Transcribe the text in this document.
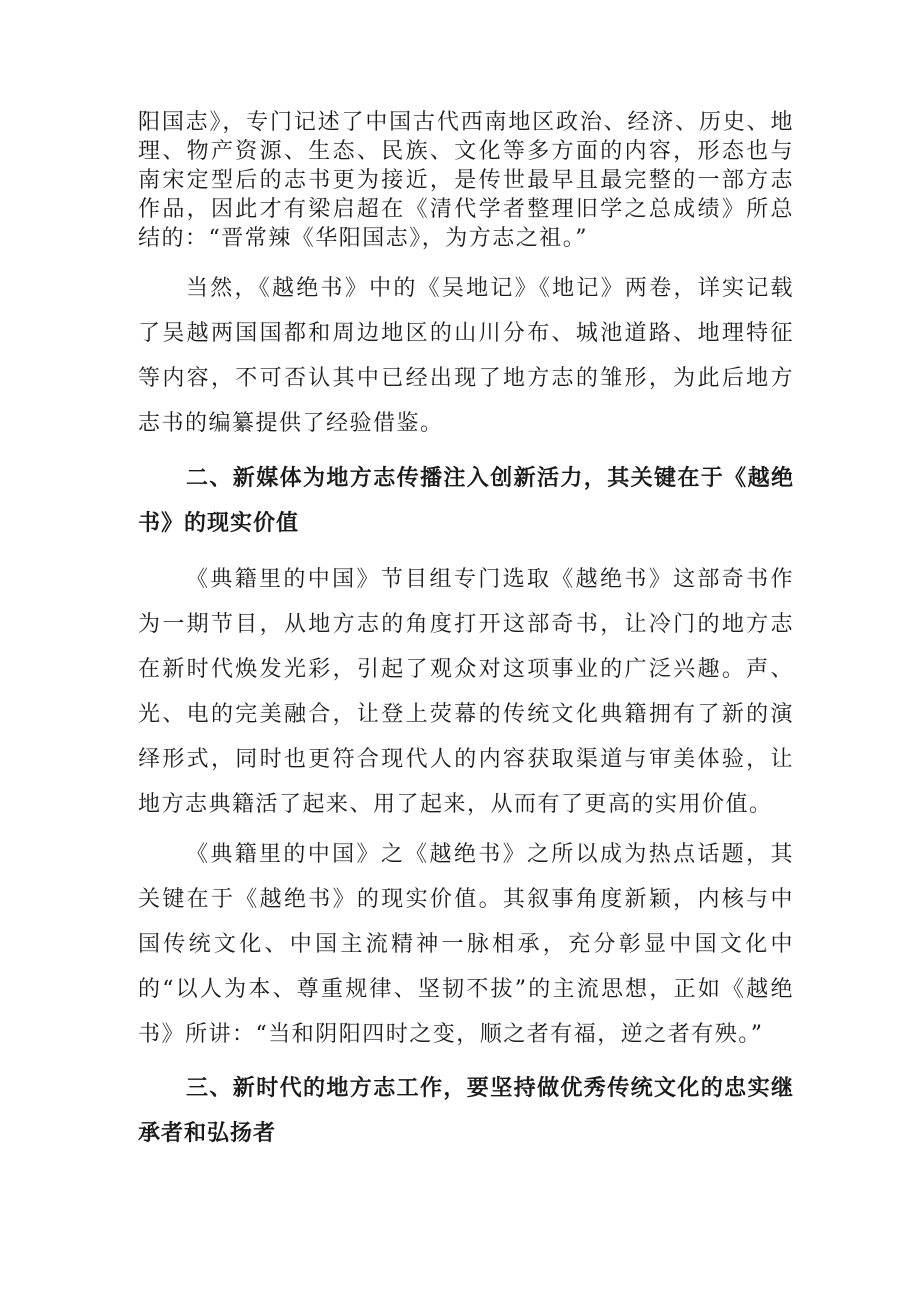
阳国志》，专门记述了中国古代西南地区政治、经济、历史、地理、物产资源、生态、民族、文化等多方面的内容，形态也与南宋定型后的志书更为接近，是传世最早且最完整的一部方志作品，因此才有梁启超在《清代学者整理旧学之总成绩》所总结的：“晋常辣《华阳国志》，为方志之祖。”

当然，《越绝书》中的《吴地记》《地记》两卷，详实记载了吴越两国国都和周边地区的山川分布、城池道路、地理特征等内容，不可否认其中已经出现了地方志的雏形，为此后地方志书的编纂提供了经验借鉴。

二、新媒体为地方志传播注入创新活力，其关键在于《越绝书》的现实价值

《典籍里的中国》节目组专门选取《越绝书》这部奇书作为一期节目，从地方志的角度打开这部奇书，让冷门的地方志在新时代焕发光彩，引起了观众对这项事业的广泛兴趣。声、光、电的完美融合，让登上荧幕的传统文化典籍拥有了新的演绎形式，同时也更符合现代人的内容获取渠道与审美体验，让地方志典籍活了起来、用了起来，从而有了更高的实用价值。

《典籍里的中国》之《越绝书》之所以成为热点话题，其关键在于《越绝书》的现实价值。其叙事角度新颖，内核与中国传统文化、中国主流精神一脉相承，充分彰显中国文化中的“以人为本、尊重规律、坚韧不拔”的主流思想，正如《越绝书》所讲：“当和阴阳四时之变，顺之者有福，逆之者有殃。”

三、新时代的地方志工作，要坚持做优秀传统文化的忠实继承者和弘扬者
